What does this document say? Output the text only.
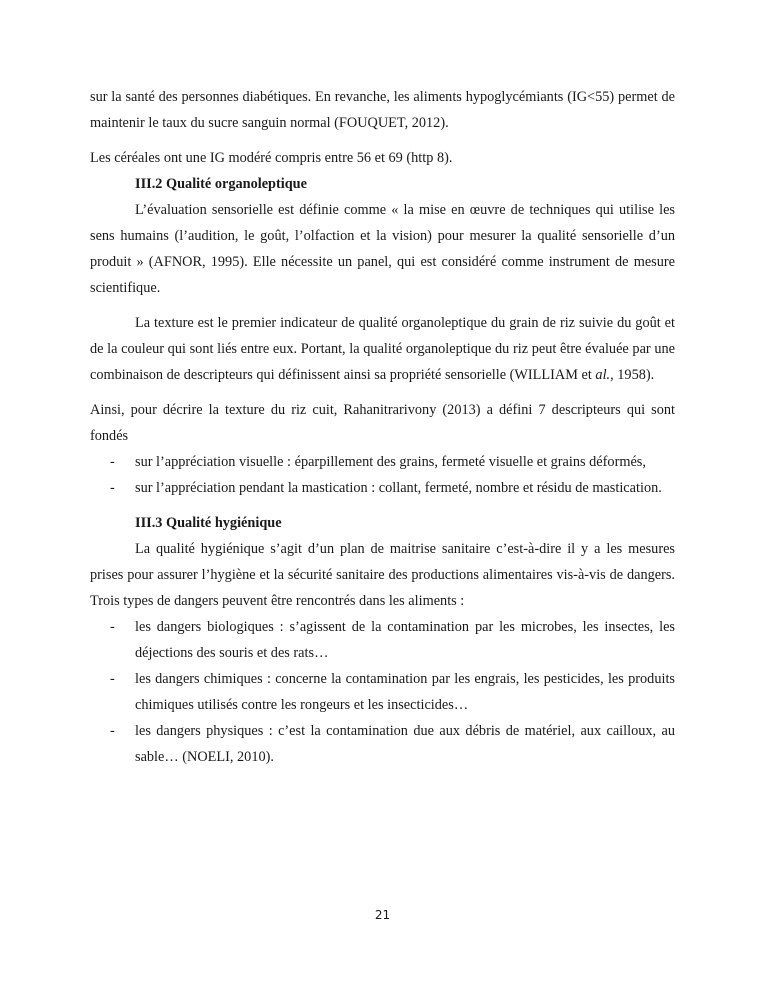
sur la santé des personnes diabétiques. En revanche, les aliments hypoglycémiants (IG<55) permet de maintenir le taux du sucre sanguin normal (FOUQUET, 2012).

Les céréales ont une IG modéré compris entre 56 et 69 (http 8).

III.2 Qualité organoleptique

L’évaluation sensorielle est définie comme « la mise en œuvre de techniques qui utilise les sens humains (l’audition, le goût, l’olfaction et la vision) pour mesurer la qualité sensorielle d’un produit » (AFNOR, 1995). Elle nécessite un panel, qui est considéré comme instrument de mesure scientifique.

La texture est le premier indicateur de qualité organoleptique du grain de riz suivie du goût et de la couleur qui sont liés entre eux. Portant, la qualité organoleptique du riz peut être évaluée par une combinaison de descripteurs qui définissent ainsi sa propriété sensorielle (WILLIAM et al., 1958).

Ainsi, pour décrire la texture du riz cuit, Rahanitrarivony (2013) a défini 7 descripteurs qui sont fondés

- sur l’appréciation visuelle : éparpillement des grains, fermeté visuelle et grains déformés,
- sur l’appréciation pendant la mastication : collant, fermeté, nombre et résidu de mastication.
III.3 Qualité hygiénique

La qualité hygiénique s’agit d’un plan de maitrise sanitaire c’est-à-dire il y a les mesures prises pour assurer l’hygiène et la sécurité sanitaire des productions alimentaires vis-à-vis de dangers. Trois types de dangers peuvent être rencontrés dans les aliments :

- les dangers biologiques : s’agissent de la contamination par les microbes, les insectes, les déjections des souris et des rats…
- les dangers chimiques : concerne la contamination par les engrais, les pesticides, les produits chimiques utilisés contre les rongeurs et les insecticides…
- les dangers physiques : c’est la contamination due aux débris de matériel, aux cailloux, au sable… (NOELI, 2010).
21
